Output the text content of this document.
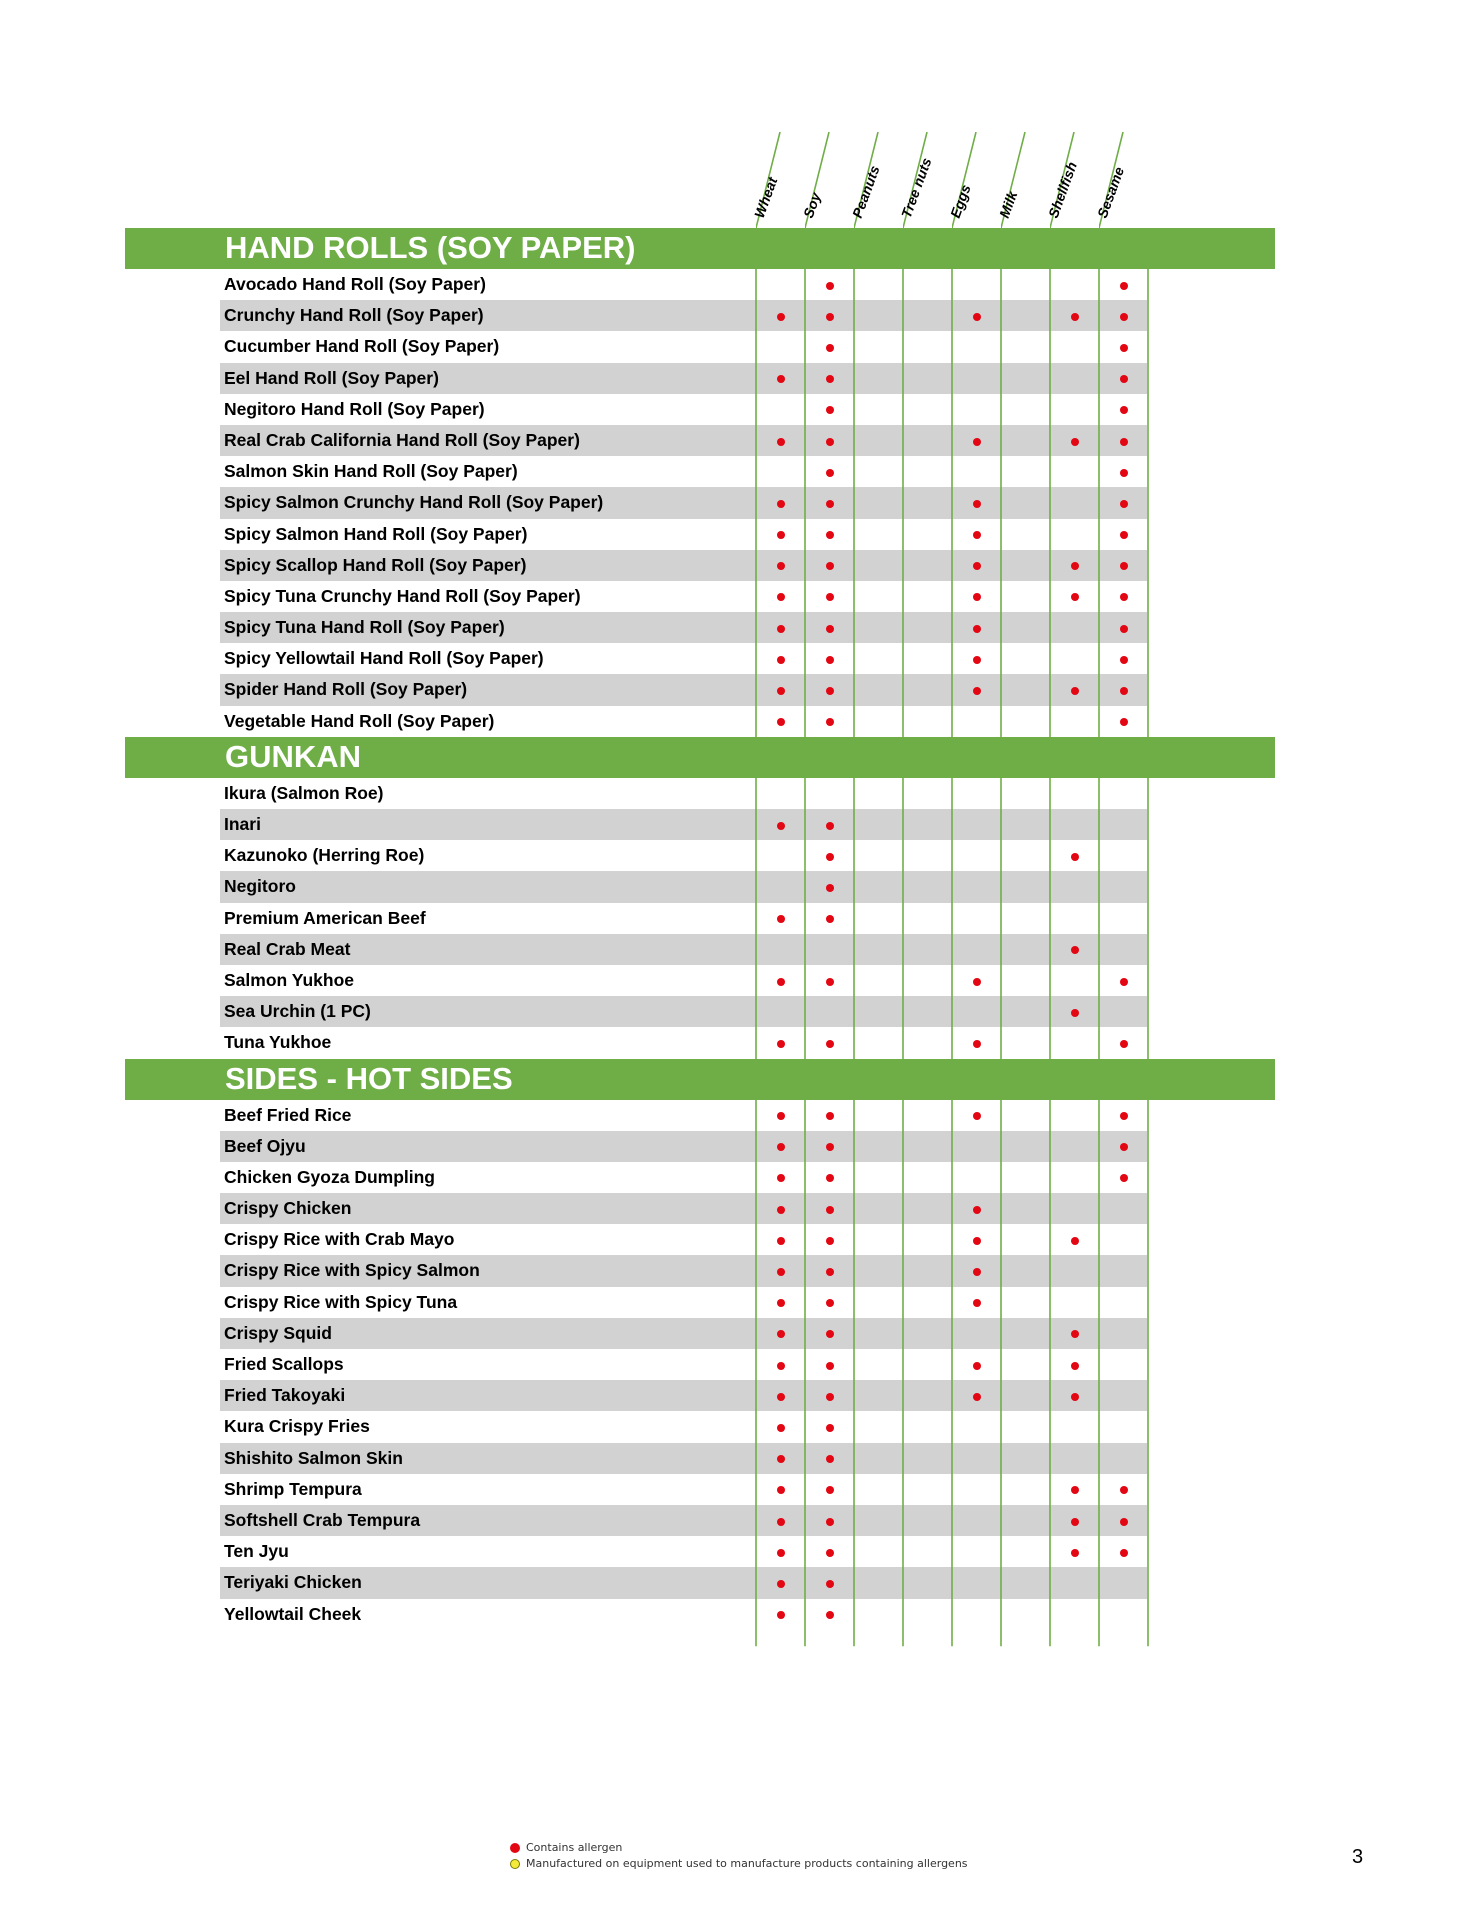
Wheat Soy Peanuts Tree nuts Eggs Milk Shellfish Sesame
HAND ROLLS (SOY PAPER)
Avocado Hand Roll (Soy Paper)
Crunchy Hand Roll (Soy Paper)
Cucumber Hand Roll (Soy Paper)
Eel Hand Roll (Soy Paper)
Negitoro Hand Roll (Soy Paper)
Real Crab California Hand Roll (Soy Paper)
Salmon Skin Hand Roll (Soy Paper)
Spicy Salmon Crunchy Hand Roll (Soy Paper)
Spicy Salmon Hand Roll (Soy Paper)
Spicy Scallop Hand Roll (Soy Paper)
Spicy Tuna Crunchy Hand Roll (Soy Paper)
Spicy Tuna Hand Roll (Soy Paper)
Spicy Yellowtail Hand Roll (Soy Paper)
Spider Hand Roll (Soy Paper)
Vegetable Hand Roll (Soy Paper)
GUNKAN
Ikura (Salmon Roe)
Inari
Kazunoko (Herring Roe)
Negitoro
Premium American Beef
Real Crab Meat
Salmon Yukhoe
Sea Urchin (1 PC)
Tuna Yukhoe
SIDES - HOT SIDES
Beef Fried Rice
Beef Ojyu
Chicken Gyoza Dumpling
Crispy Chicken
Crispy Rice with Crab Mayo
Crispy Rice with Spicy Salmon
Crispy Rice with Spicy Tuna
Crispy Squid
Fried Scallops
Fried Takoyaki
Kura Crispy Fries
Shishito Salmon Skin
Shrimp Tempura
Softshell Crab Tempura
Ten Jyu
Teriyaki Chicken
Yellowtail Cheek
Contains allergen
Manufactured on equipment used to manufacture products containing allergens	3
